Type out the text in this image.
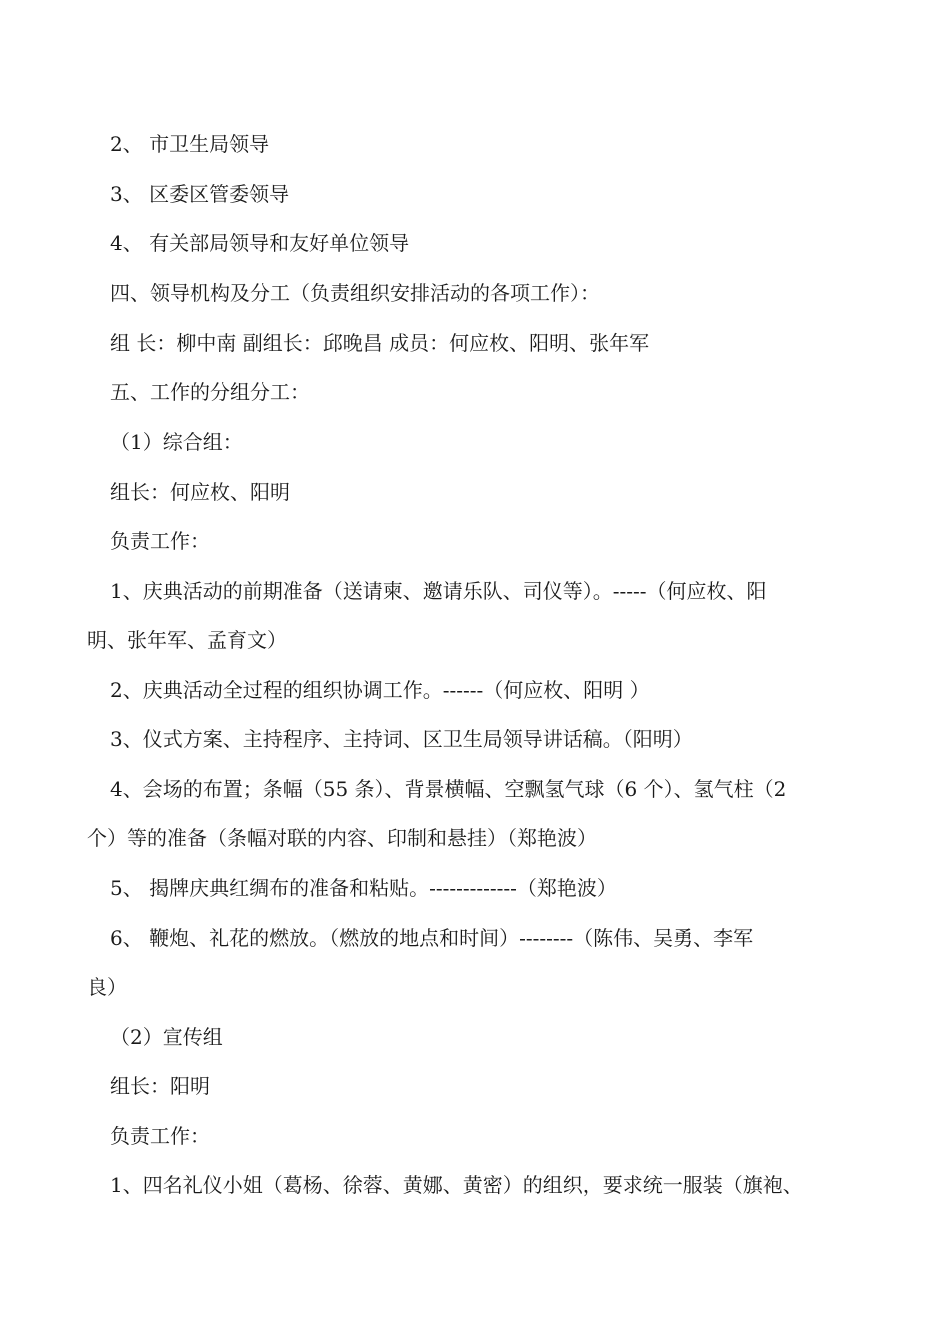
2、 市卫生局领导
3、 区委区管委领导
4、 有关部局领导和友好单位领导
四、领导机构及分工（负责组织安排活动的各项工作）：
组 长：柳中南 副组长：邱晚昌 成员：何应枚、阳明、张年军
五、工作的分组分工：
（1）综合组：
组长：何应枚、阳明
负责工作：
1、庆典活动的前期准备（送请柬、邀请乐队、司仪等）。-----（何应枚、阳
明、张年军、孟育文）
2、庆典活动全过程的组织协调工作。------（何应枚、阳明 ）
3、仪式方案、主持程序、主持词、区卫生局领导讲话稿。（阳明）
4、会场的布置；条幅（55 条）、背景横幅、空飘氢气球（6 个）、氢气柱（2
个）等的准备（条幅对联的内容、印制和悬挂）（郑艳波）
5、 揭牌庆典红绸布的准备和粘贴。-------------（郑艳波）
6、 鞭炮、礼花的燃放。（燃放的地点和时间）--------（陈伟、吴勇、李军
良）
（2）宣传组
组长：阳明
负责工作：
1、四名礼仪小姐（葛杨、徐蓉、黄娜、黄密）的组织，要求统一服装（旗袍、
